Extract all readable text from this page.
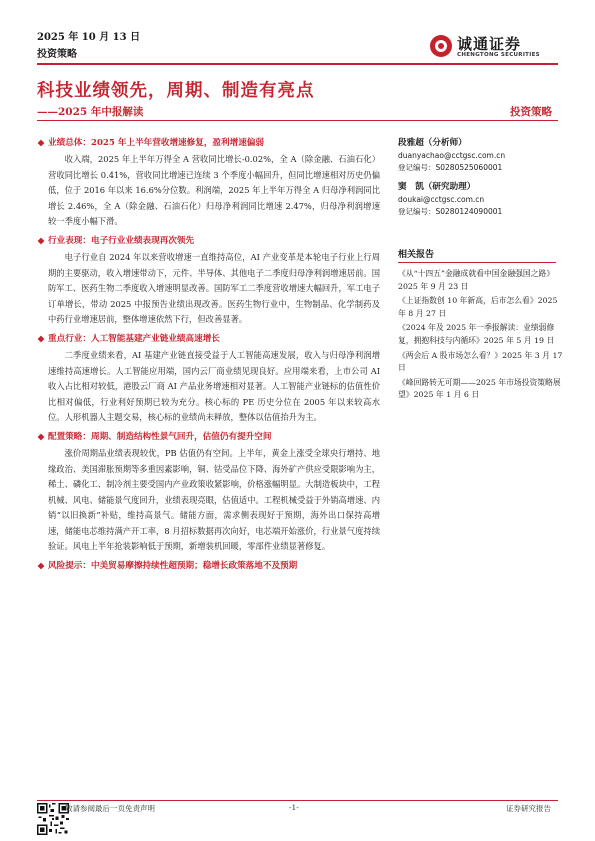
2025 年 10 月 13 日
投资策略
诚通证券
CHENGTONG SECURITIES
科技业绩领先，周期、制造有亮点
——2025 年中报解读	投资策略
业绩总体：2025 年上半年营收增速修复，盈利增速偏弱

收入端，2025 年上半年万得全 A 营收同比增长-0.02%，全 A（除金融、石油石化）营收同比增长 0.41%，营收同比增速已连续 3 个季度小幅回升，但同比增速相对历史仍偏低，位于 2016 年以来 16.6%分位数。利润端，2025 年上半年万得全 A 归母净利润同比增长 2.46%，全 A（除金融、石油石化）归母净利润同比增速 2.47%，归母净利润增速较一季度小幅下滑。

行业表现：电子行业业绩表现再次领先

电子行业自 2024 年以来营收增速一直维持高位，AI 产业变革是本轮电子行业上行周期的主要驱动，收入增速带动下，元件、半导体、其他电子二季度归母净利润增速居前。国防军工、医药生物二季度收入增速明显改善。国防军工二季度营收增速大幅回升，军工电子订单增长，带动 2025 中报预告业绩出现改善。医药生物行业中，生物制品、化学制药及中药行业增速居前，整体增速依然下行，但改善显著。

重点行业：人工智能基建产业链业绩高速增长

二季度业绩来看，AI 基建产业链直接受益于人工智能高速发展，收入与归母净利润增速维持高速增长。人工智能应用端，国内云厂商业绩见现良好。应用端来看，上市公司 AI 收入占比相对较低，港股云厂商 AI 产品业务增速相对显著。人工智能产业链标的估值性价比相对偏低，行业利好预期已较为充分。核心标的 PE 历史分位在 2005 年以来较高水位。人形机器人主题交易，核心标的业绩尚未释放，整体以估值抬升为主。

配置策略：周期、制造结构性景气回升，估值仍有提升空间

涨价周期品业绩表现较优，PB 估值仍有空间。上半年，黄金上涨受全球央行增持、地缘政治、美国滞胀预期等多重因素影响，铜、钴受品位下降、海外矿产供应受限影响为主，稀土、磷化工、制冷剂主要受国内产业政策收紧影响，价格涨幅明显。大制造板块中，工程机械、风电、储能景气度回升，业绩表现亮眼，估值适中。工程机械受益于外销高增速、内销“以旧换新”补贴，维持高景气。储能方面，需求侧表现好于预期，海外出口保持高增速，储能电芯维持满产开工率，8 月招标数据再次向好，电芯端开始涨价，行业景气度持续验证。风电上半年抢装影响低于预期，新增装机回暖，零部件业绩显著修复。

风险提示：中美贸易摩擦持续性超预期；稳增长政策落地不及预期
段雅超（分析师）
duanyachao@cctgsc.com.cn
登记编号：S0280525060001
窦　凯（研究助理）
doukai@cctgsc.com.cn
登记编号：S0280124090001
相关报告
《从“十四五”金融成就看中国金融强国之路》2025 年 9 月 23 日
《上证指数创 10 年新高，后市怎么看》2025 年 8 月 27 日
《2024 年及 2025 年一季报解读：业绩弱修复，拥抱科技与内循环》2025 年 5 月 19 日
《两会后 A 股市场怎么看？》2025 年 3 月 17 日
《峰回路转无可期——2025 年市场投资策略展望》2025 年 1 月 6 日
敬请参阅最后一页免责声明	-1-	证券研究报告
